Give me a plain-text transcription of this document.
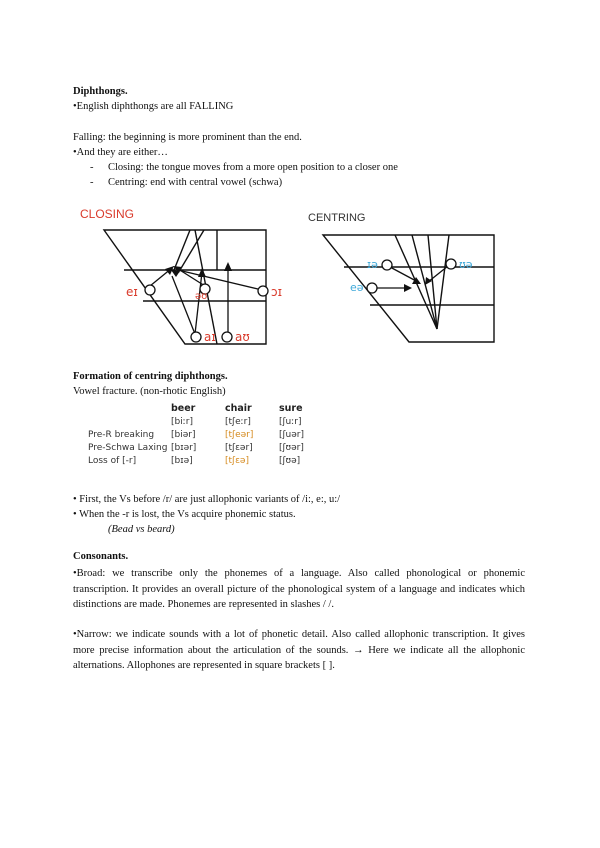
Diphthongs.
•English diphthongs are all FALLING
Falling: the beginning is more prominent than the end.
•And they are either…
- Closing: the tongue moves from a more open position to a closer one
- Centring: end with central vowel (schwa)
CLOSING
eɪ	əʊ	ɔɪ
aɪ aʊ
CENTRING
ɪə	ʊə
eə
Formation of centring diphthongs.
Vowel fracture. (non-rhotic English)
	beer	chair	sure
	[biːr]	[tʃeːr]	[ʃuːr]
Pre-R breaking	[biər]	[tʃeər]	[ʃuər]
Pre-Schwa Laxing	[bɪər]	[tʃɛər]	[ʃʊər]
Loss of [-r]	[bɪə]	[tʃɛə]	[ʃʊə]
• First, the Vs before /r/ are just allophonic variants of /i:, e:, u:/
• When the -r is lost, the Vs acquire phonemic status.
(Bead vs beard)
Consonants.
•Broad: we transcribe only the phonemes of a language. Also called phonological or phonemic transcription. It provides an overall picture of the phonological system of a language and indicates which distinctions are made. Phonemes are represented in slashes / /.
•Narrow: we indicate sounds with a lot of phonetic detail. Also called allophonic transcription. It gives more precise information about the articulation of the sounds. → Here we indicate all the allophonic alternations. Allophones are represented in square brackets [ ].
